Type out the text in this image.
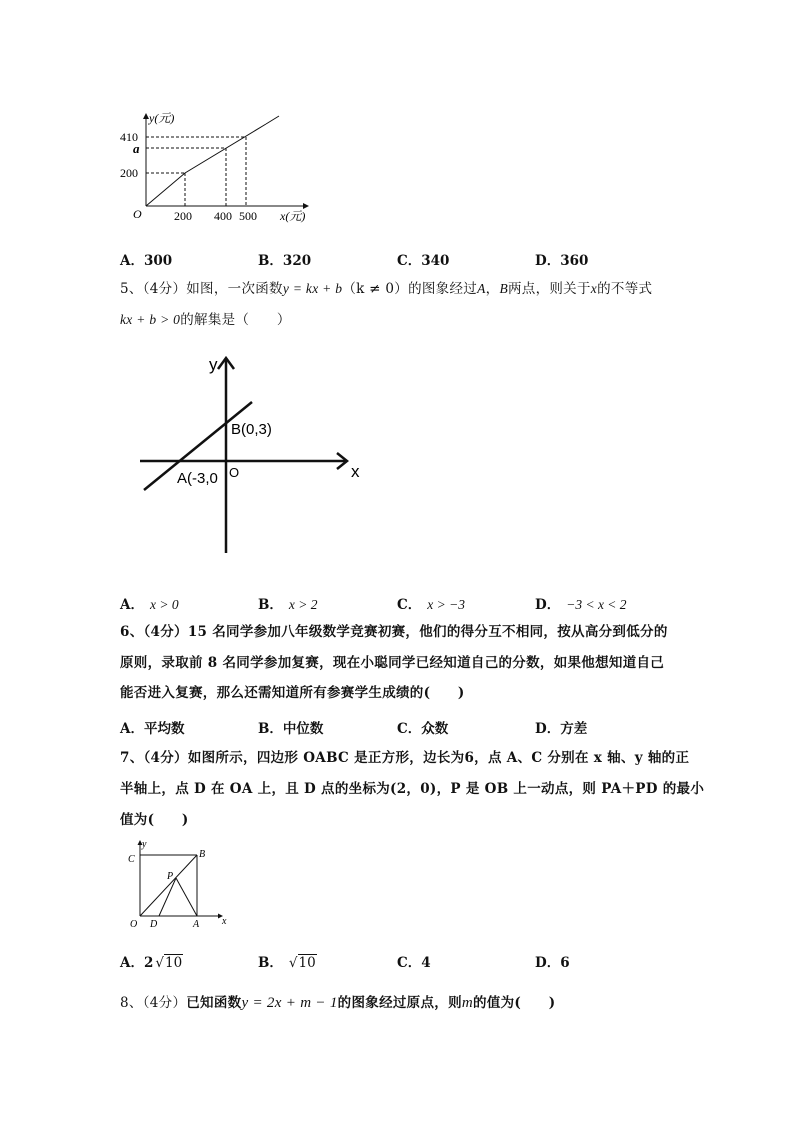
y(元)
410
a
200
O	200 400 500 x(元)
A．300	B．320	C．340	D．360
5、（4分）如图，一次函数y = kx + b（k ≠ 0）的图象经过A，B两点，则关于x的不等式
kx + b > 0的解集是（　　）
y
x
B(0,3)
A(-3,0 O
A． x > 0	B． x > 2	C． x > −3	D． −3 < x < 2
6、（4分）15 名同学参加八年级数学竞赛初赛，他们的得分互不相同，按从高分到低分的
原则，录取前 8 名同学参加复赛，现在小聪同学已经知道自己的分数，如果他想知道自己
能否进入复赛，那么还需知道所有参赛学生成绩的(　　)
A．平均数	B．中位数	C．众数	D．方差
7、（4分）如图所示，四边形 OABC 是正方形，边长为6，点 A、C 分别在 x 轴、y 轴的正
半轴上，点 D 在 OA 上，且 D 点的坐标为(2，0)，P 是 OB 上一动点，则 PA＋PD 的最小
值为(　　)
y
x
C	B
P
O D	A
A．2 √10	B． √10	C．4	D．6
8、（4分）已知函数y = 2x + m − 1的图象经过原点，则m的值为(　　)
